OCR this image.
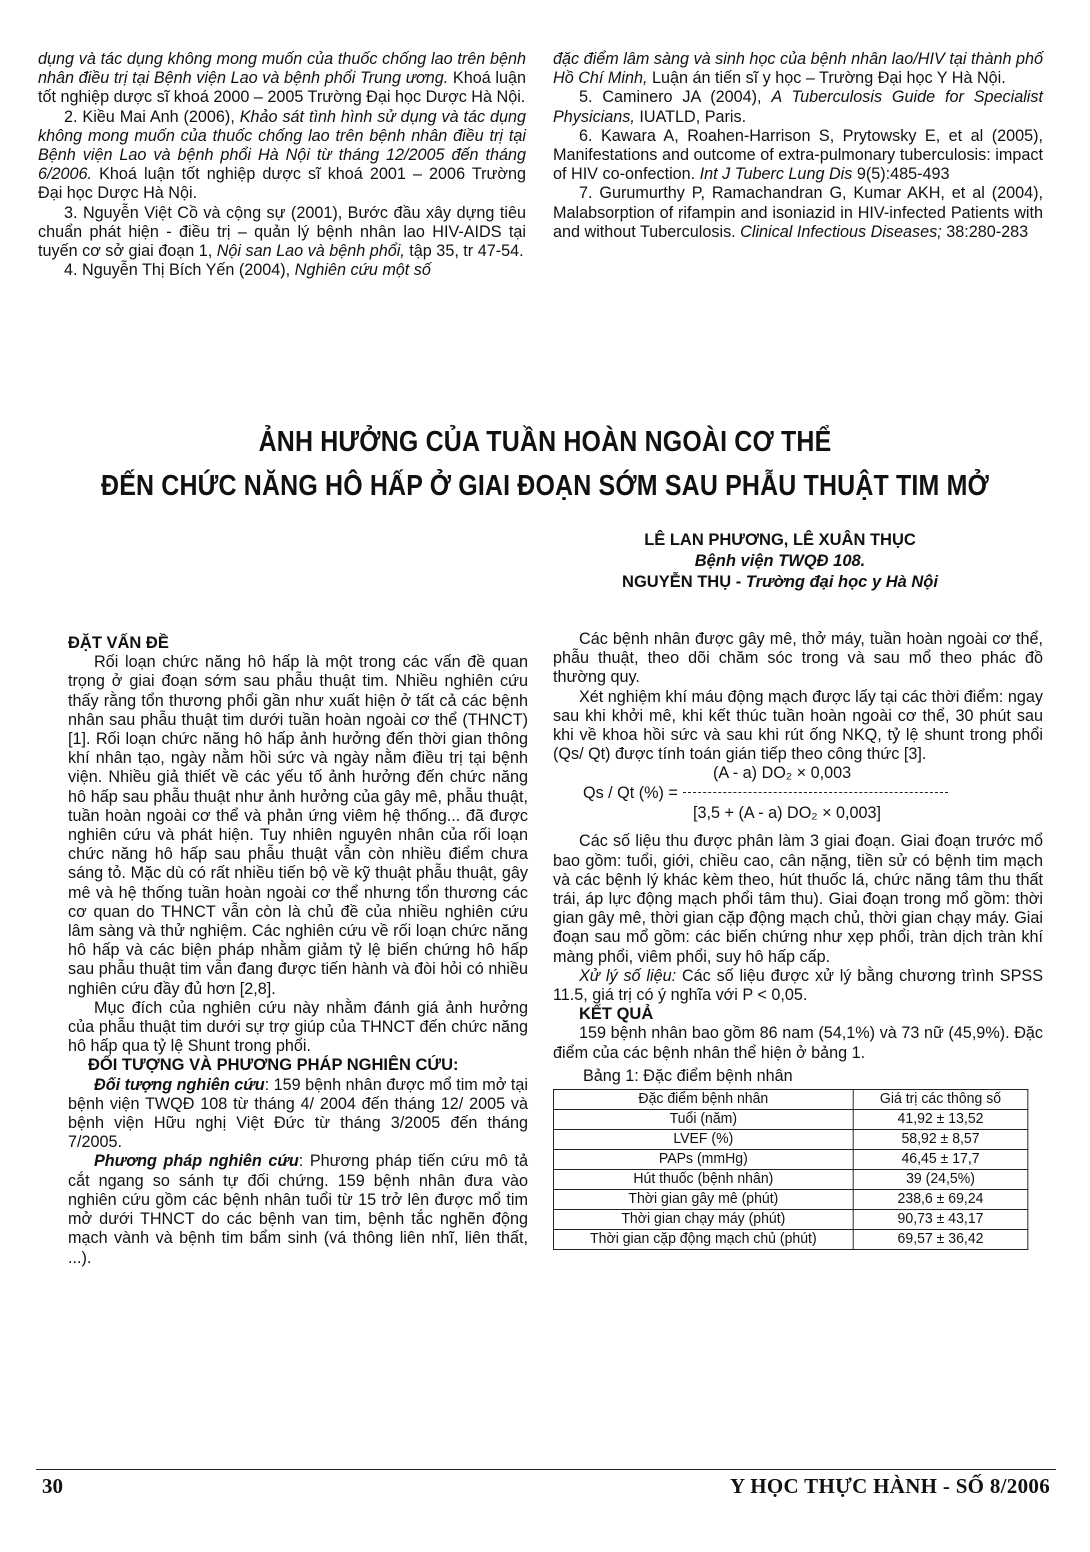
dụng và tác dụng không mong muốn của thuốc chống lao trên bệnh nhân điều trị tại Bệnh viện Lao và bệnh phổi Trung ương. Khoá luận tốt nghiệp dược sĩ khoá 2000 – 2005 Trường Đại học Dược Hà Nội.

2. Kiều Mai Anh (2006), Khảo sát tình hình sử dụng và tác dụng không mong muốn của thuốc chống lao trên bệnh nhân điều trị tại Bệnh viện Lao và bệnh phổi Hà Nội từ tháng 12/2005 đến tháng 6/2006. Khoá luận tốt nghiệp dược sĩ khoá 2001 – 2006 Trường Đại học Dược Hà Nội.

3. Nguyễn Việt Cồ và cộng sự (2001), Bước đầu xây dựng tiêu chuẩn phát hiện - điều trị – quản lý bệnh nhân lao HIV-AIDS tại tuyến cơ sở giai đoạn 1, Nội san Lao và bệnh phổi, tập 35, tr 47-54.

4. Nguyễn Thị Bích Yến (2004), Nghiên cứu một số

đặc điểm lâm sàng và sinh học của bệnh nhân lao/HIV tại thành phố Hồ Chí Minh, Luận án tiến sĩ y học – Trường Đại học Y Hà Nội.

5. Caminero JA (2004), A Tuberculosis Guide for Specialist Physicians, IUATLD, Paris.

6. Kawara A, Roahen-Harrison S, Prytowsky E, et al (2005), Manifestations and outcome of extra-pulmonary tuberculosis: impact of HIV co-onfection. Int J Tuberc Lung Dis 9(5):485-493

7. Gurumurthy P, Ramachandran G, Kumar AKH, et al (2004), Malabsorption of rifampin and isoniazid in HIV-infected Patients with and without Tuberculosis. Clinical Infectious Diseases; 38:280-283

ẢNH HƯỞNG CỦA TUẦN HOÀN NGOÀI CƠ THỂ
ĐẾN CHỨC NĂNG HÔ HẤP Ở GIAI ĐOẠN SỚM SAU PHẪU THUẬT TIM MỞ
LÊ LAN PHƯƠNG, LÊ XUÂN THỤC
Bệnh viện TWQĐ 108.
NGUYỄN THỤ - Trường đại học y Hà Nội
ĐẶT VẤN ĐỀ

Rối loạn chức năng hô hấp là một trong các vấn đề quan trọng ở giai đoạn sớm sau phẫu thuật tim. Nhiều nghiên cứu thấy rằng tổn thương phổi gần như xuất hiện ở tất cả các bệnh nhân sau phẫu thuật tim dưới tuần hoàn ngoài cơ thể (THNCT)[1]. Rối loạn chức năng hô hấp ảnh hưởng đến thời gian thông khí nhân tạo, ngày nằm hồi sức và ngày nằm điều trị tại bệnh viện. Nhiều giả thiết về các yếu tố ảnh hưởng đến chức năng hô hấp sau phẫu thuật như ảnh hưởng của gây mê, phẫu thuật, tuần hoàn ngoài cơ thể và phản ứng viêm hệ thống... đã được nghiên cứu và phát hiện. Tuy nhiên nguyên nhân của rối loạn chức năng hô hấp sau phẫu thuật vẫn còn nhiều điểm chưa sáng tỏ. Mặc dù có rất nhiều tiến bộ về kỹ thuật phẫu thuật, gây mê và hệ thống tuần hoàn ngoài cơ thể nhưng tổn thương các cơ quan do THNCT vẫn còn là chủ đề của nhiều nghiên cứu lâm sàng và thử nghiệm. Các nghiên cứu về rối loạn chức năng hô hấp và các biện pháp nhằm giảm tỷ lệ biến chứng hô hấp sau phẫu thuật tim vẫn đang được tiến hành và đòi hỏi có nhiều nghiên cứu đầy đủ hơn [2,8].

Mục đích của nghiên cứu này nhằm đánh giá ảnh hưởng của phẫu thuật tim dưới sự trợ giúp của THNCT đến chức năng hô hấp qua tỷ lệ Shunt trong phổi.

ĐỐI TƯỢNG VÀ PHƯƠNG PHÁP NGHIÊN CỨU:

Đối tượng nghiên cứu: 159 bệnh nhân được mổ tim mở tại bệnh viện TWQĐ 108 từ tháng 4/ 2004 đến tháng 12/ 2005 và bệnh viện Hữu nghị Việt Đức từ tháng 3/2005 đến tháng 7/2005.

Phương pháp nghiên cứu: Phương pháp tiến cứu mô tả cắt ngang so sánh tự đối chứng. 159 bệnh nhân đưa vào nghiên cứu gồm các bệnh nhân tuổi từ 15 trở lên được mổ tim mở dưới THNCT do các bệnh van tim, bệnh tắc nghẽn động mạch vành và bệnh tim bẩm sinh (vá thông liên nhĩ, liên thất, ...).

Các bệnh nhân được gây mê, thở máy, tuần hoàn ngoài cơ thể, phẫu thuật, theo dõi chăm sóc trong và sau mổ theo phác đồ thường quy.

Xét nghiệm khí máu động mạch được lấy tại các thời điểm: ngay sau khi khởi mê, khi kết thúc tuần hoàn ngoài cơ thể, 30 phút sau khi về khoa hồi sức và sau khi rút ống NKQ, tỷ lệ shunt trong phổi (Qs/ Qt) được tính toán gián tiếp theo công thức [3].

(A - a) DO₂ × 0,003
Qs / Qt (%) =
[3,5 + (A - a) DO₂ × 0,003]

Các số liệu thu được phân làm 3 giai đoạn. Giai đoạn trước mổ bao gồm: tuổi, giới, chiều cao, cân nặng, tiền sử có bệnh tim mạch và các bệnh lý khác kèm theo, hút thuốc lá, chức năng tâm thu thất trái, áp lực động mạch phổi tâm thu). Giai đoạn trong mổ gồm: thời gian gây mê, thời gian cặp động mạch chủ, thời gian chạy máy. Giai đoạn sau mổ gồm: các biến chứng như xẹp phổi, tràn dịch tràn khí màng phổi, viêm phổi, suy hô hấp cấp.

Xử lý số liệu: Các số liệu được xử lý bằng chương trình SPSS 11.5, giá trị có ý nghĩa với P < 0,05.

KẾT QUẢ

159 bệnh nhân bao gồm 86 nam (54,1%) và 73 nữ (45,9%). Đặc điểm của các bệnh nhân thể hiện ở bảng 1.

Bảng 1: Đặc điểm bệnh nhân
Đặc điểm bệnh nhân	Giá trị các thông số
Tuổi (năm)	41,92 ± 13,52
LVEF (%)	58,92 ± 8,57
PAPs (mmHg)	46,45 ± 17,7
Hút thuốc (bệnh nhân)	39 (24,5%)
Thời gian gây mê (phút)	238,6 ± 69,24
Thời gian chạy máy (phút)	90,73 ± 43,17
Thời gian cặp động mạch chủ (phút)	69,57 ± 36,42
30	Y HỌC THỰC HÀNH - SỐ 8/2006
